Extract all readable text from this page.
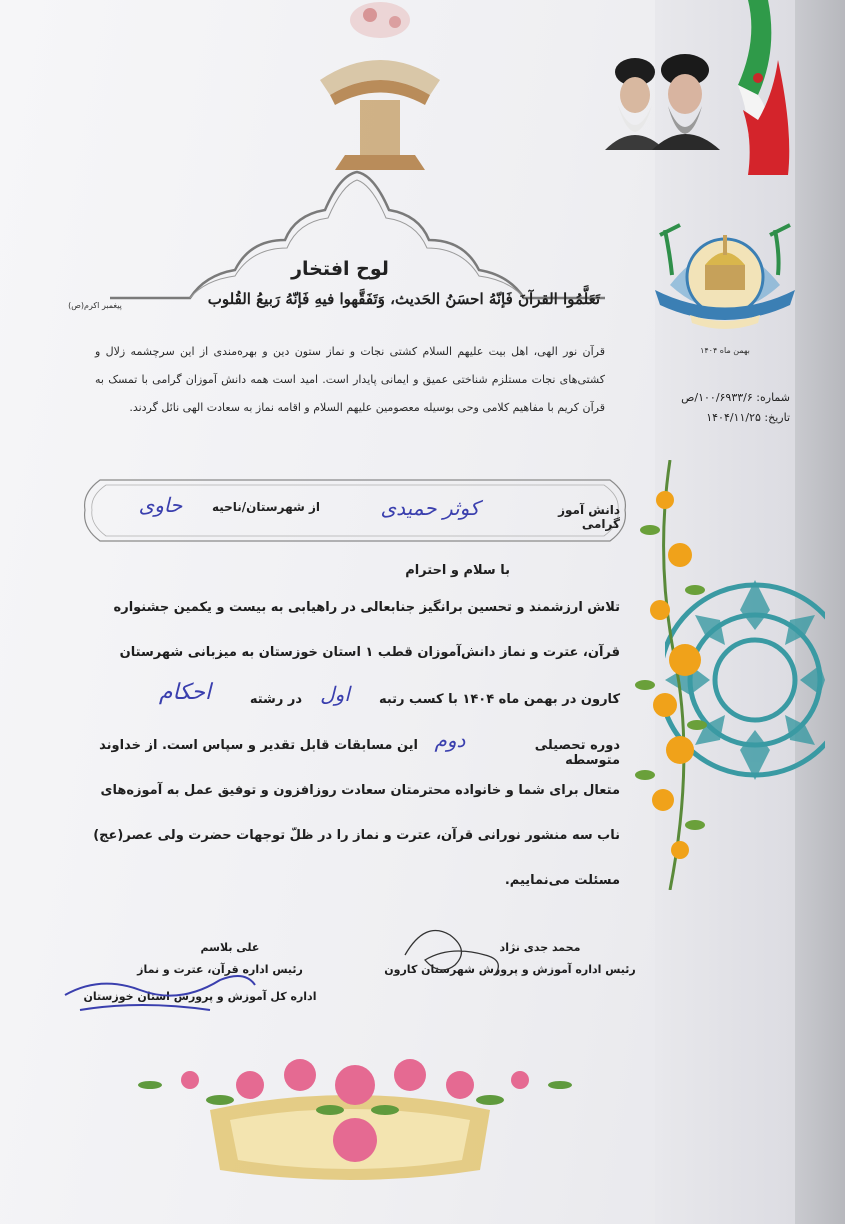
بهمن ماه ۱۴۰۴
شماره: ۱۰۰/۶۹۳۳/۶/ص
تاریخ: ۱۴۰۴/۱۱/۲۵
لوح افتخار
تَعَلَّمُوا القرآنَ فَإنّهُ احسَنُ الحَديث، وَتَفَقَّهوا فيهِ فَإنّهُ رَبيعُ القُلوب
پیغمبر اکرم(ص)
قرآن نور الهی، اهل بیت علیهم السلام کشتی نجات و نماز ستون دین و بهره‌مندی از این سرچشمه زلال و کشتی‌های نجات مستلزم شناختی عمیق و ایمانی پایدار است. امید است همه دانش آموزان گرامی با تمسک به قرآن کریم با مفاهیم کلامی وحی بوسیله معصومین علیهم السلام و اقامه نماز به سعادت الهی نائل گردند.
دانش آموز گرامی
کوثر حمیدی
از شهرستان/ناحیه
حاوی
با سلام و احترام
تلاش ارزشمند و تحسین برانگیز جنابعالی در راهیابی به بیست و یکمین جشنواره
قرآن، عترت و نماز دانش‌آموزان قطب ۱ استان خوزستان به میزبانی شهرستان
کارون در بهمن ماه ۱۴۰۴ با کسب رتبه
اول
در رشته
احکام
دوره تحصیلی متوسطه
دوم
این مسابقات قابل تقدیر و سپاس است. از خداوند
متعال برای شما و خانواده محترمتان سعادت روزافزون و توفیق عمل به آموزه‌های
ناب سه منشور نورانی قرآن، عترت و نماز را در ظلّ توجهات حضرت ولی عصر(عج)
مسئلت می‌نماییم.
محمد جدی نژاد
رئیس اداره آموزش و پرورش شهرستان کارون
علی بلاسم
رئیس اداره قرآن، عترت و نماز
اداره کل آموزش و پرورش استان خوزستان
